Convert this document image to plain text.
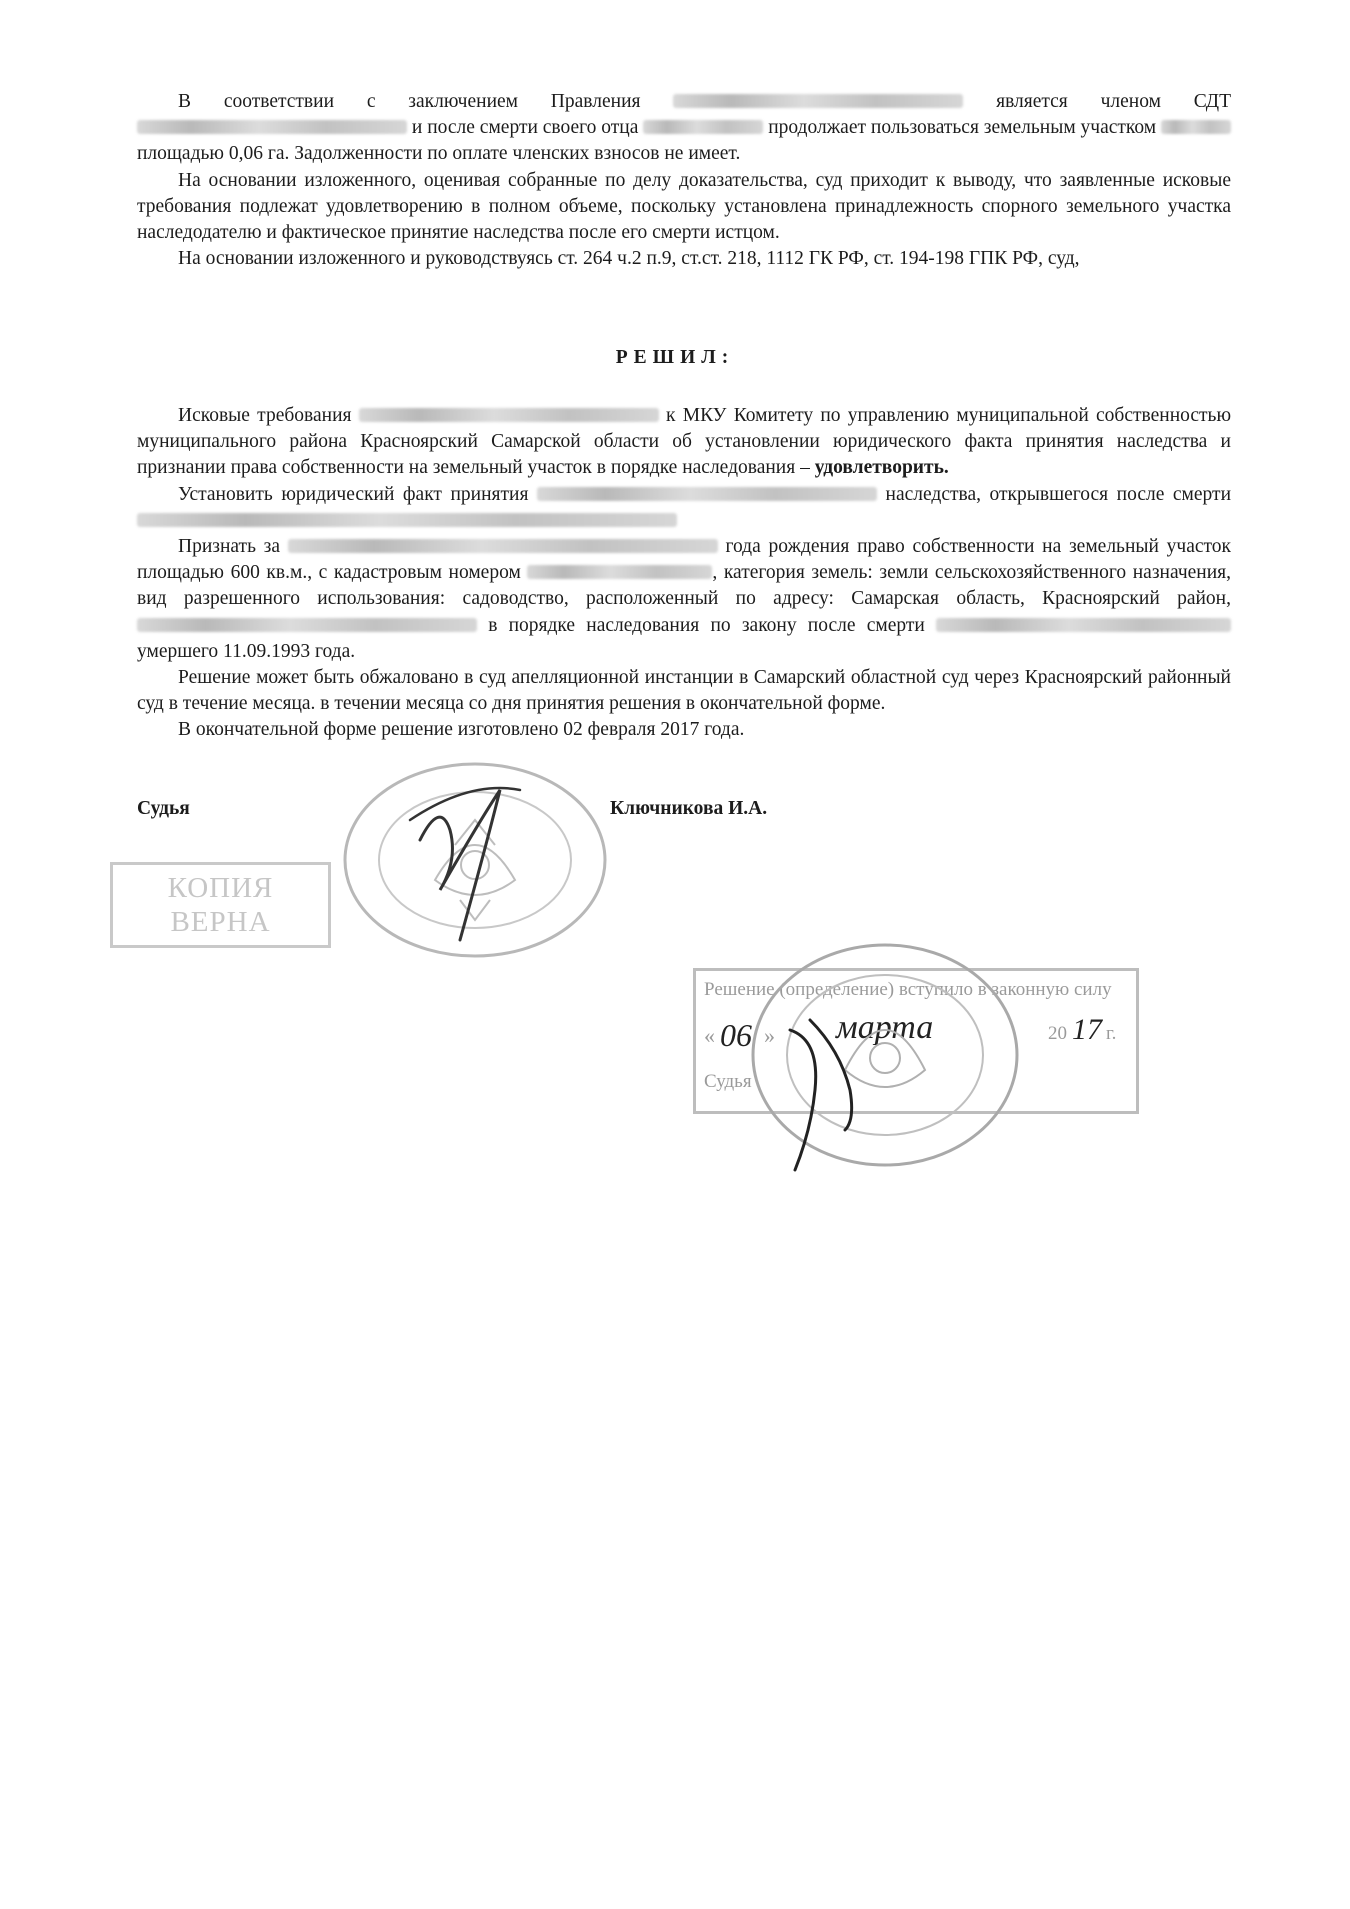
В соответствии с заключением Правления	является членом СДТ  и после смерти своего отца	продолжает пользоваться земельным участком  площадью 0,06 га. Задолженности по оплате членских взносов не имеет.

На основании изложенного, оценивая собранные по делу доказательства, суд приходит к выводу, что заявленные исковые требования подлежат удовлетворению в полном объеме, поскольку установлена принадлежность спорного земельного участка наследодателю и фактическое принятие наследства после его смерти истцом.

На основании изложенного и руководствуясь ст. 264 ч.2 п.9, ст.ст. 218, 1112 ГК РФ, ст. 194-198 ГПК РФ, суд,

РЕШИЛ:

Исковые требования	к МКУ Комитету по управлению муниципальной собственностью муниципального района Красноярский Самарской области об установлении юридического факта принятия наследства и признании права собственности на земельный участок в порядке наследования – удовлетворить.

Установить юридический факт принятия	наследства, открывшегося после смерти

Признать за	года рождения право собственности на земельный участок площадью 600 кв.м., с кадастровым номером	, категория земель: земли сельскохозяйственного назначения, вид разрешенного использования: садоводство, расположенный по адресу: Самарская область, Красноярский район,  в порядке наследования по закону после смерти  умершего 11.09.1993 года.

Решение может быть обжаловано в суд апелляционной инстанции в Самарский областной суд через Красноярский районный суд в течение месяца. в течении месяца со дня принятия решения в окончательной форме.

В окончательной форме решение изготовлено 02 февраля 2017 года.

Судья	Ключникова И.А.
КОПИЯ
ВЕРНА
Решение (определение) вступило в законную силу
« 06 » марта	20 17 г.
Судья
